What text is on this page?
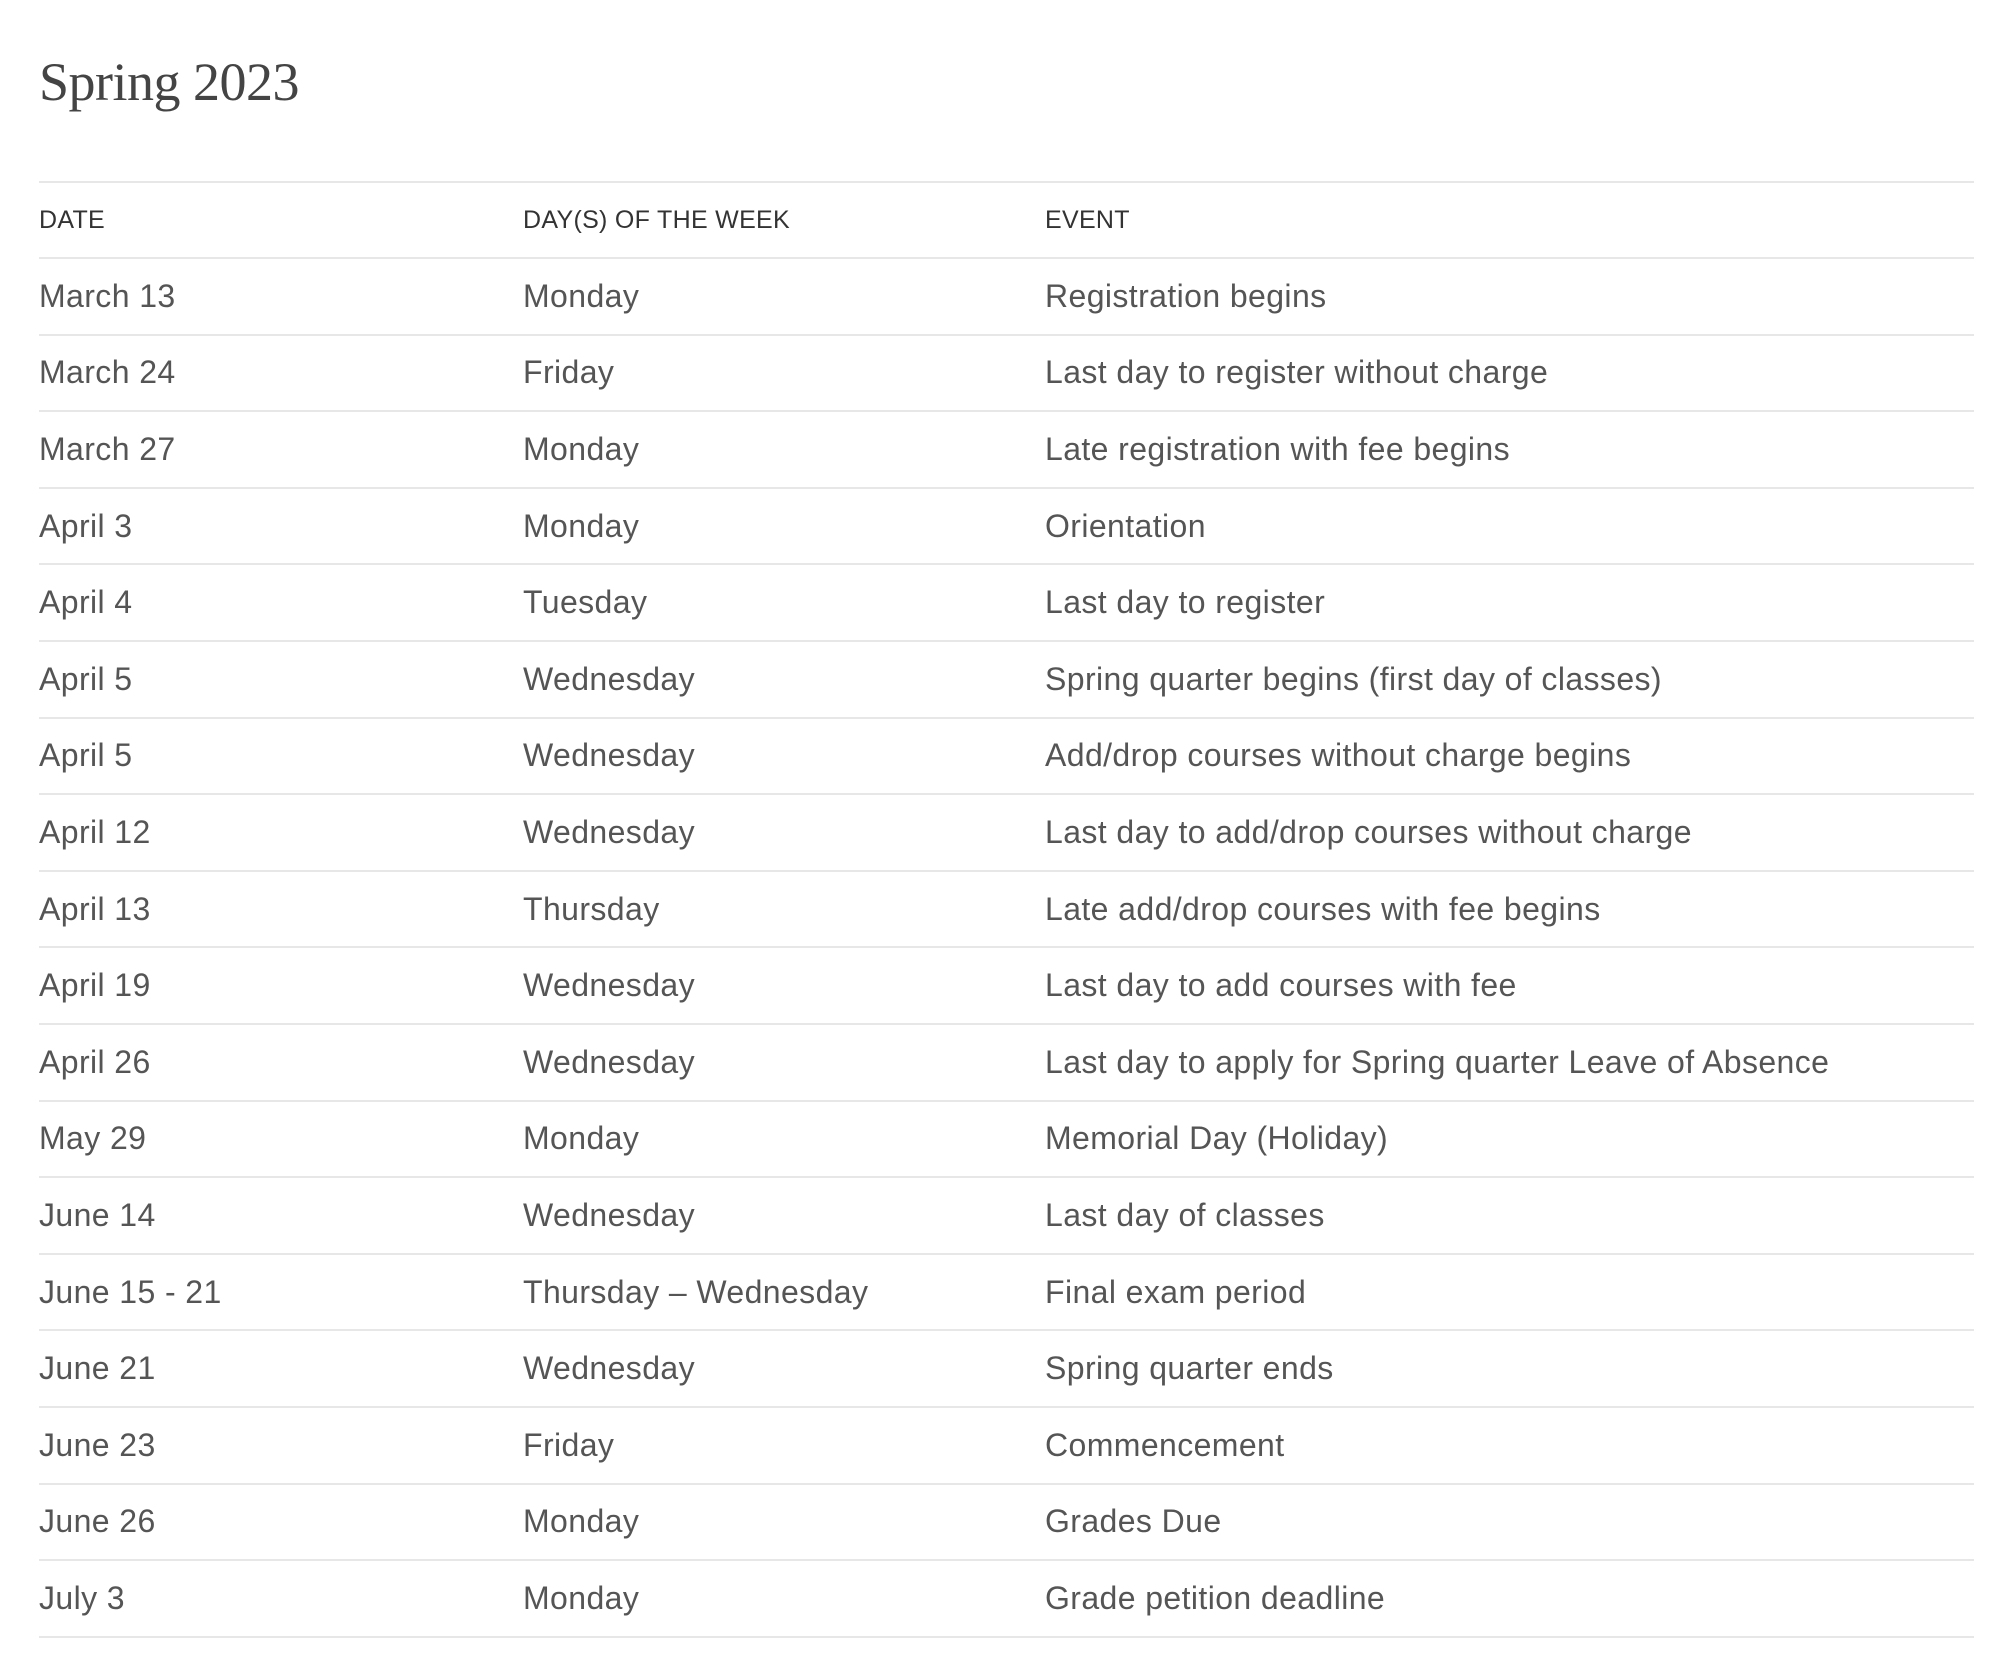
Spring 2023
DATE	DAY(S) OF THE WEEK	EVENT
March 13	Monday	Registration begins
March 24	Friday	Last day to register without charge
March 27	Monday	Late registration with fee begins
April 3	Monday	Orientation
April 4	Tuesday	Last day to register
April 5	Wednesday	Spring quarter begins (first day of classes)
April 5	Wednesday	Add/drop courses without charge begins
April 12	Wednesday	Last day to add/drop courses without charge
April 13	Thursday	Late add/drop courses with fee begins
April 19	Wednesday	Last day to add courses with fee
April 26	Wednesday	Last day to apply for Spring quarter Leave of Absence
May 29	Monday	Memorial Day (Holiday)
June 14	Wednesday	Last day of classes
June 15 - 21	Thursday – Wednesday	Final exam period
June 21	Wednesday	Spring quarter ends
June 23	Friday	Commencement
June 26	Monday	Grades Due
July 3	Monday	Grade petition deadline
